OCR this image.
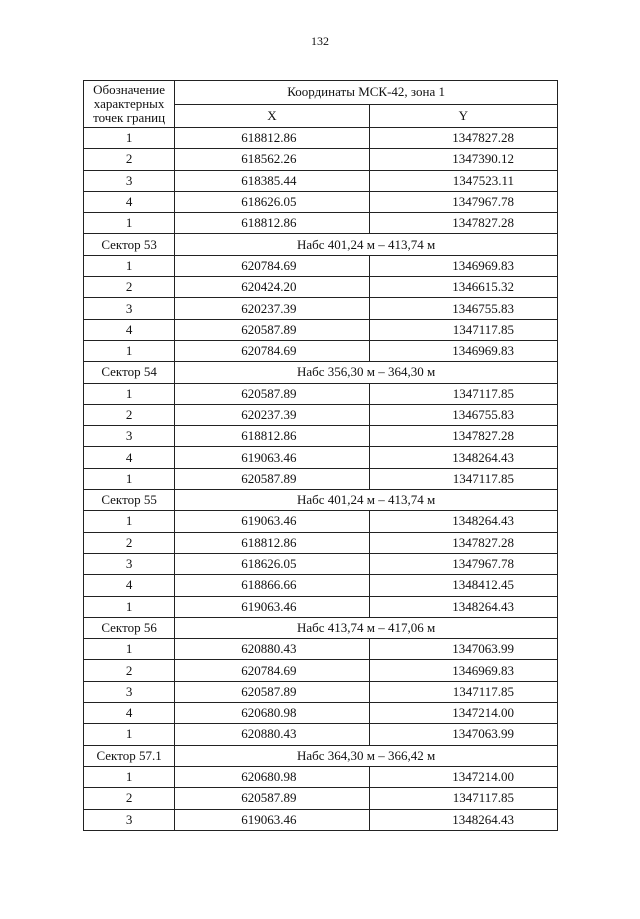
132
Обозначение характерных точек границ	Координаты МСК-42, зона 1	
	X	Y
1	618812.86	1347827.28
2	618562.26	1347390.12
3	618385.44	1347523.11
4	618626.05	1347967.78
1	618812.86	1347827.28
Сектор 53	Набс 401,24 м – 413,74 м	
1	620784.69	1346969.83
2	620424.20	1346615.32
3	620237.39	1346755.83
4	620587.89	1347117.85
1	620784.69	1346969.83
Сектор 54	Набс 356,30 м – 364,30 м	
1	620587.89	1347117.85
2	620237.39	1346755.83
3	618812.86	1347827.28
4	619063.46	1348264.43
1	620587.89	1347117.85
Сектор 55	Набс 401,24 м – 413,74 м	
1	619063.46	1348264.43
2	618812.86	1347827.28
3	618626.05	1347967.78
4	618866.66	1348412.45
1	619063.46	1348264.43
Сектор 56	Набс 413,74 м – 417,06 м	
1	620880.43	1347063.99
2	620784.69	1346969.83
3	620587.89	1347117.85
4	620680.98	1347214.00
1	620880.43	1347063.99
Сектор 57.1	Набс 364,30 м – 366,42 м	
1	620680.98	1347214.00
2	620587.89	1347117.85
3	619063.46	1348264.43
